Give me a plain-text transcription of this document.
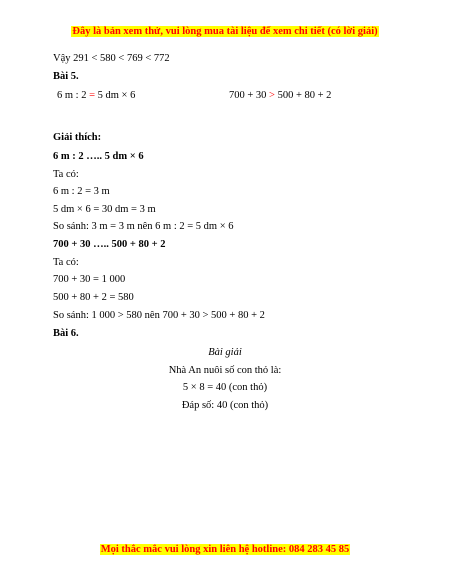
Đây là bản xem thử, vui lòng mua tài liệu để xem chi tiết (có lời giải)
Vậy 291 < 580 < 769 < 772
Bài 5.
6 m : 2 = 5 dm × 6	700 + 30 > 500 + 80 + 2
Giải thích:
6 m : 2 ….. 5 dm × 6
Ta có:
6 m : 2 = 3 m
5 dm × 6 = 30 dm = 3 m
So sánh: 3 m = 3 m nên 6 m : 2 = 5 dm × 6
700 + 30 ….. 500 + 80 + 2
Ta có:
700 + 30 = 1 000
500 + 80 + 2 = 580
So sánh: 1 000 > 580 nên 700 + 30 > 500 + 80 + 2
Bài 6.
Bài giải
Nhà An nuôi số con thỏ là:
5 × 8 = 40 (con thỏ)
Đáp số: 40 (con thỏ)
Mọi thắc mắc vui lòng xin liên hệ hotline: 084 283 45 85
